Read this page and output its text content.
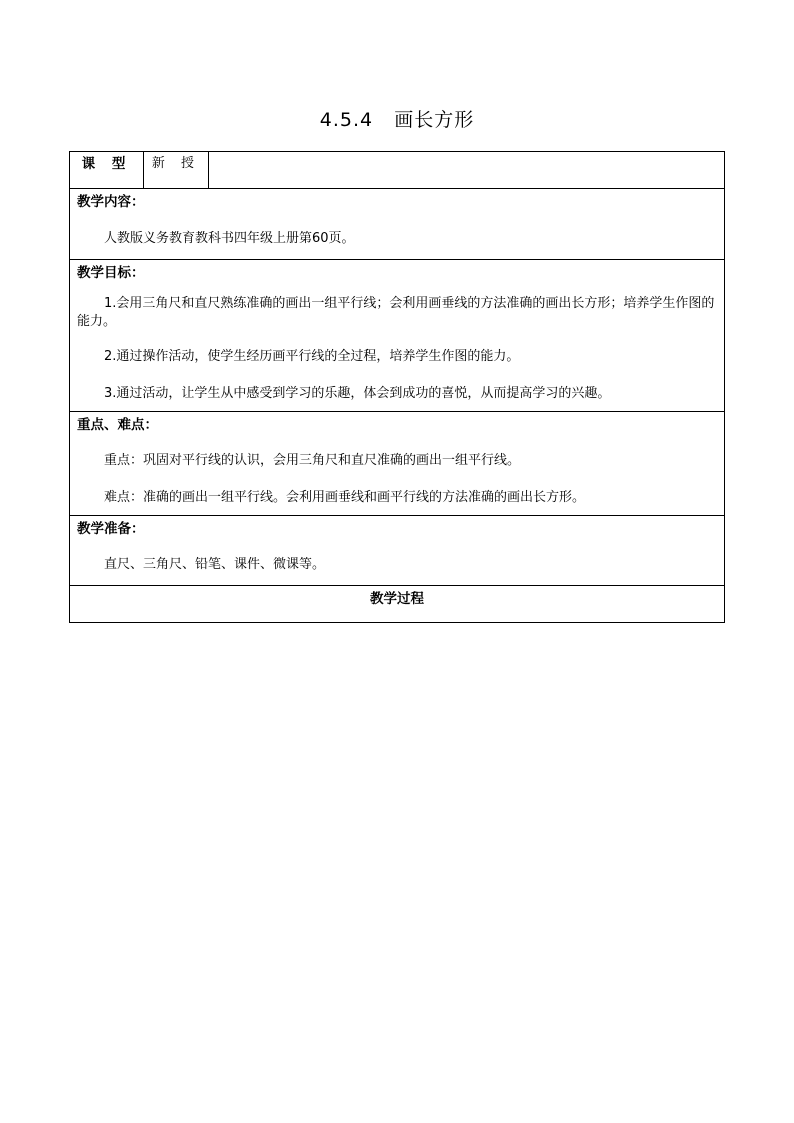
4.5.4   画长方形
课 型	新 授	

教学内容：

人教版义务教育教科书四年级上册第60页。

教学目标：

1.会用三角尺和直尺熟练准确的画出一组平行线；会利用画垂线的方法准确的画出长方形；培养学生作图的能力。

2.通过操作活动，使学生经历画平行线的全过程，培养学生作图的能力。

3.通过活动，让学生从中感受到学习的乐趣，体会到成功的喜悦，从而提高学习的兴趣。

重点、难点：

重点：巩固对平行线的认识，会用三角尺和直尺准确的画出一组平行线。

难点：准确的画出一组平行线。会利用画垂线和画平行线的方法准确的画出长方形。

教学准备：

直尺、三角尺、铅笔、课件、微课等。

教学过程
